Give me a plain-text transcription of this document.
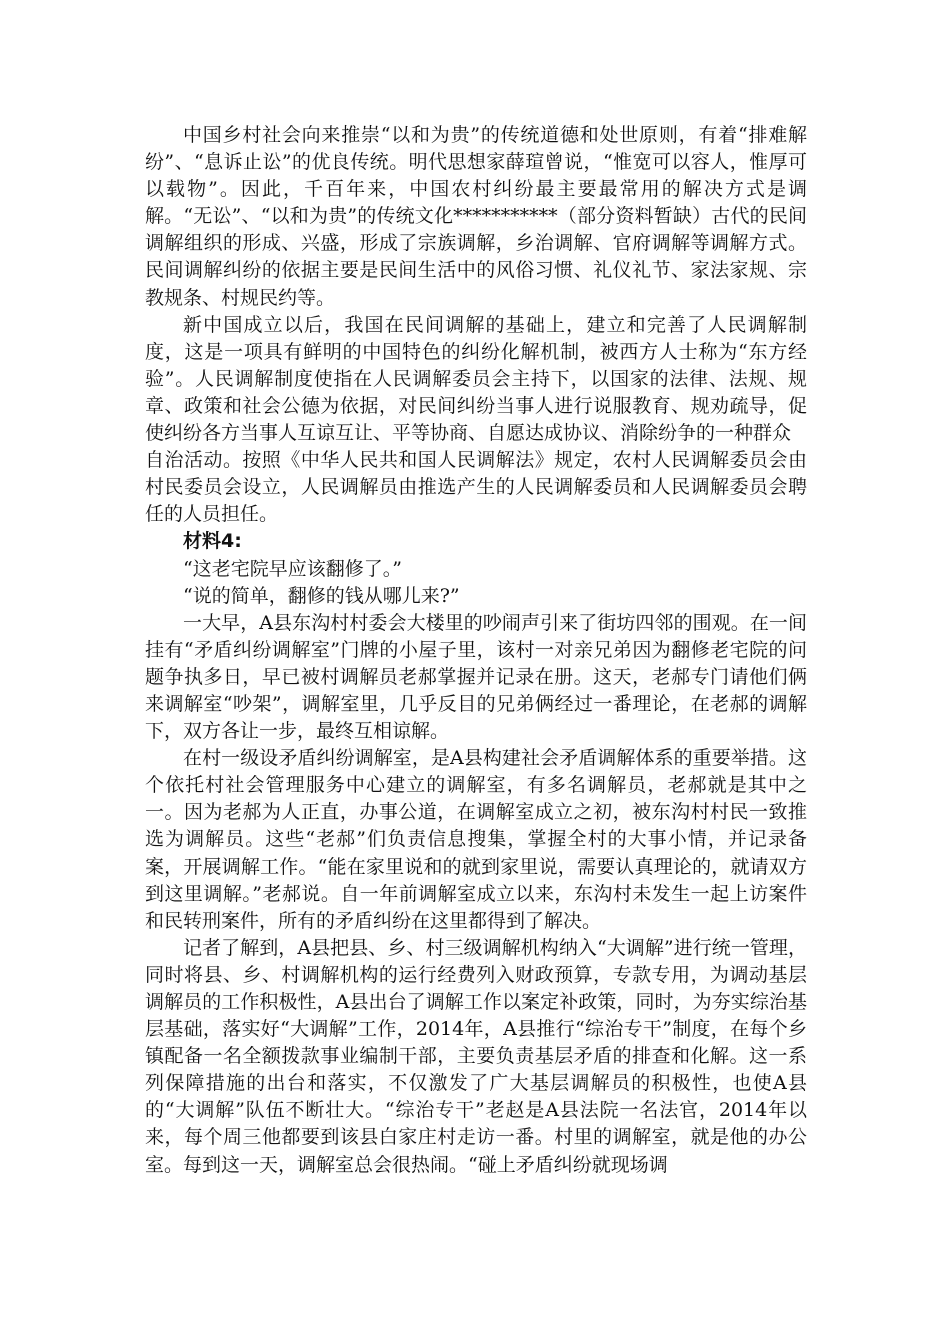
中国乡村社会向来推崇“以和为贵”的传统道德和处世原则，有着“排难解纷”、“息诉止讼”的优良传统。明代思想家薛瑄曾说，“惟宽可以容人，惟厚可以载物”。因此，千百年来，中国农村纠纷最主要最常用的解决方式是调解。“无讼”、“以和为贵”的传统文化***********（部分资料暂缺）古代的民间调解组织的形成、兴盛，形成了宗族调解，乡治调解、官府调解等调解方式。民间调解纠纷的依据主要是民间生活中的风俗习惯、礼仪礼节、家法家规、宗教规条、村规民约等。

新中国成立以后，我国在民间调解的基础上，建立和完善了人民调解制度，这是一项具有鲜明的中国特色的纠纷化解机制，被西方人士称为“东方经验”。人民调解制度使指在人民调解委员会主持下，以国家的法律、法规、规章、政策和社会公德为依据，对民间纠纷当事人进行说服教育、规劝疏导，促使纠纷各方当事人互谅互让、平等协商、自愿达成协议、消除纷争的一种群众

自治活动。按照《中华人民共和国人民调解法》规定，农村人民调解委员会由村民委员会设立，人民调解员由推选产生的人民调解委员和人民调解委员会聘任的人员担任。

材料4:

“这老宅院早应该翻修了。”

“说的简单，翻修的钱从哪儿来?”

一大早，A县东沟村村委会大楼里的吵闹声引来了街坊四邻的围观。在一间挂有“矛盾纠纷调解室”门牌的小屋子里，该村一对亲兄弟因为翻修老宅院的问题争执多日，早已被村调解员老郝掌握并记录在册。这天，老郝专门请他们俩来调解室“吵架”，调解室里，几乎反目的兄弟俩经过一番理论，在老郝的调解下，双方各让一步，最终互相谅解。

在村一级设矛盾纠纷调解室，是A县构建社会矛盾调解体系的重要举措。这个依托村社会管理服务中心建立的调解室，有多名调解员，老郝就是其中之一。因为老郝为人正直，办事公道，在调解室成立之初，被东沟村村民一致推选为调解员。这些“老郝”们负责信息搜集，掌握全村的大事小情，并记录备案，开展调解工作。“能在家里说和的就到家里说，需要认真理论的，就请双方到这里调解。”老郝说。自一年前调解室成立以来，东沟村未发生一起上访案件和民转刑案件，所有的矛盾纠纷在这里都得到了解决。

记者了解到，A县把县、乡、村三级调解机构纳入“大调解”进行统一管理，同时将县、乡、村调解机构的运行经费列入财政预算，专款专用，为调动基层调解员的工作积极性，A县出台了调解工作以案定补政策，同时，为夯实综治基层基础，落实好“大调解”工作，2014年，A县推行“综治专干”制度，在每个乡镇配备一名全额拨款事业编制干部，主要负责基层矛盾的排查和化解。这一系列保障措施的出台和落实，不仅激发了广大基层调解员的积极性，也使A县的“大调解”队伍不断壮大。“综治专干”老赵是A县法院一名法官，2014年以来，每个周三他都要到该县白家庄村走访一番。村里的调解室，就是他的办公室。每到这一天，调解室总会很热闹。“碰上矛盾纠纷就现场调
